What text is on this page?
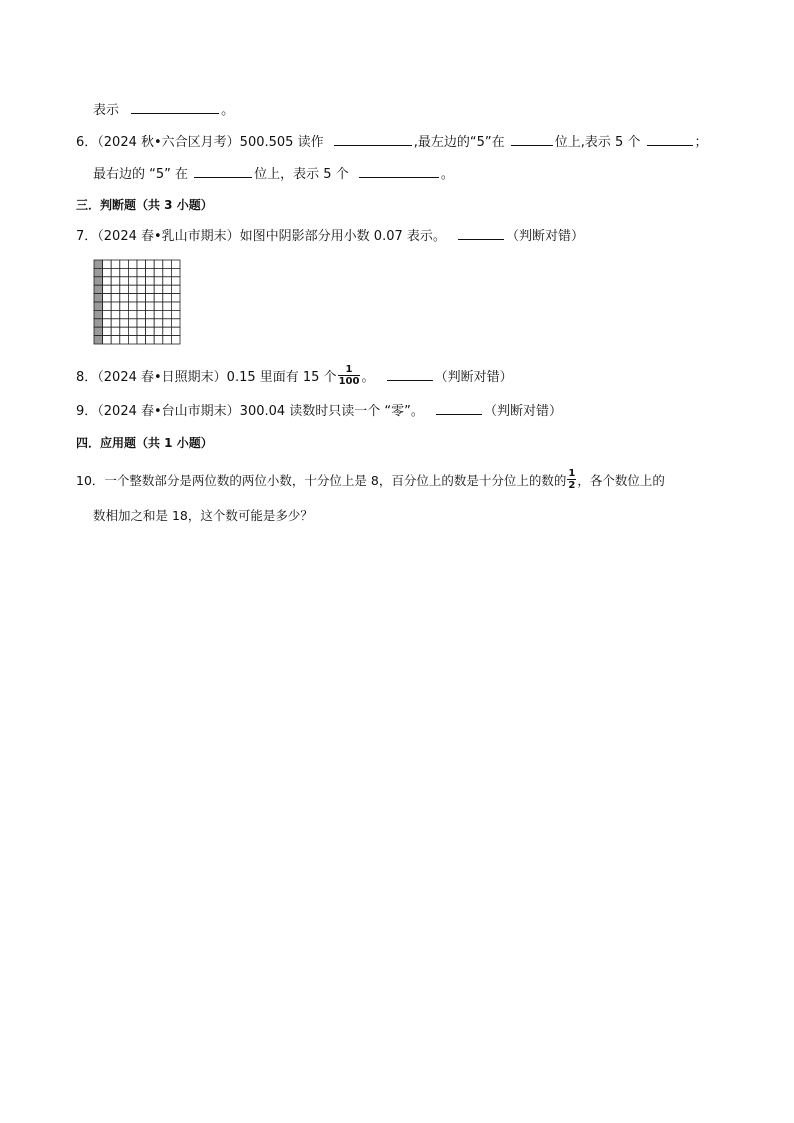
表示	。
6．（2024 秋•六合区月考）500.505 读作	,最左边的“5”在	位上,表示 5 个	；
最右边的 “5” 在	位上，表示 5 个	。
三．判断题（共 3 小题）
7．（2024 春•乳山市期末）如图中阴影部分用小数 0.07 表示。	（判断对错）
8．（2024 春•日照期末）0.15 里面有 15 个 $\frac{1}{100}$ 。	（判断对错）
9．（2024 春•台山市期末）300.04 读数时只读一个 “零”。	（判断对错）
四．应用题（共 1 小题）
10．一个整数部分是两位数的两位小数，十分位上是 8，百分位上的数是十分位上的数的 $\frac{1}{2}$ ，各个数位上的
数相加之和是 18，这个数可能是多少？
